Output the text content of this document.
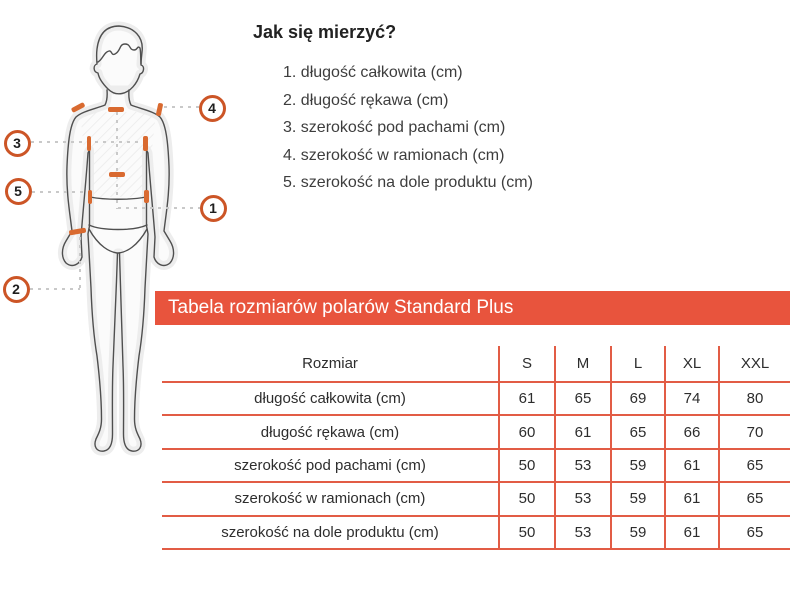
1
2
3
4
5
Jak się mierzyć?
1. długość całkowita (cm)
2. długość rękawa (cm)
3. szerokość pod pachami (cm)
4. szerokość w ramionach (cm)
5. szerokość na dole produktu (cm)
Tabela rozmiarów polarów Standard Plus
Rozmiar	S	M	L	XL	XXL
długość całkowita (cm)	61	65	69	74	80
długość rękawa (cm)	60	61	65	66	70
szerokość pod pachami (cm)	50	53	59	61	65
szerokość w ramionach (cm)	50	53	59	61	65
szerokość na dole produktu (cm)	50	53	59	61	65
